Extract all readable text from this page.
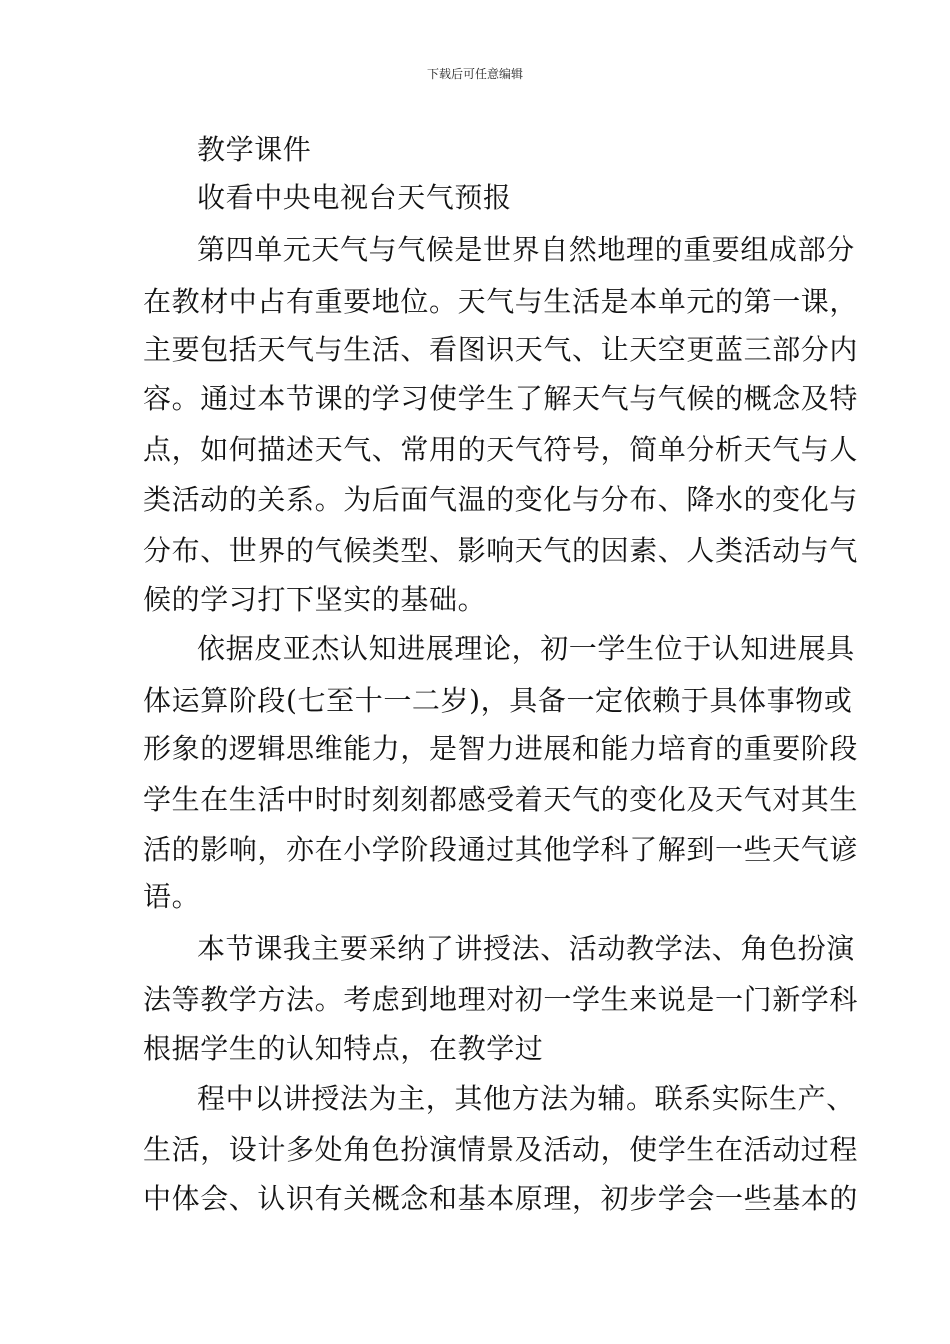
下载后可任意编辑
教学课件
收看中央电视台天气预报
第四单元天气与气候是世界自然地理的重要组成部分
在教材中占有重要地位。天气与生活是本单元的第一课，
主要包括天气与生活、看图识天气、让天空更蓝三部分内
容。通过本节课的学习使学生了解天气与气候的概念及特
点，如何描述天气、常用的天气符号，简单分析天气与人
类活动的关系。为后面气温的变化与分布、降水的变化与
分布、世界的气候类型、影响天气的因素、人类活动与气
候的学习打下坚实的基础。
依据皮亚杰认知进展理论，初一学生位于认知进展具
体运算阶段(七至十一二岁)，具备一定依赖于具体事物或
形象的逻辑思维能力，是智力进展和能力培育的重要阶段
学生在生活中时时刻刻都感受着天气的变化及天气对其生
活的影响，亦在小学阶段通过其他学科了解到一些天气谚
语。
本节课我主要采纳了讲授法、活动教学法、角色扮演
法等教学方法。考虑到地理对初一学生来说是一门新学科
根据学生的认知特点，在教学过
程中以讲授法为主，其他方法为辅。联系实际生产、
生活，设计多处角色扮演情景及活动，使学生在活动过程
中体会、认识有关概念和基本原理，初步学会一些基本的
